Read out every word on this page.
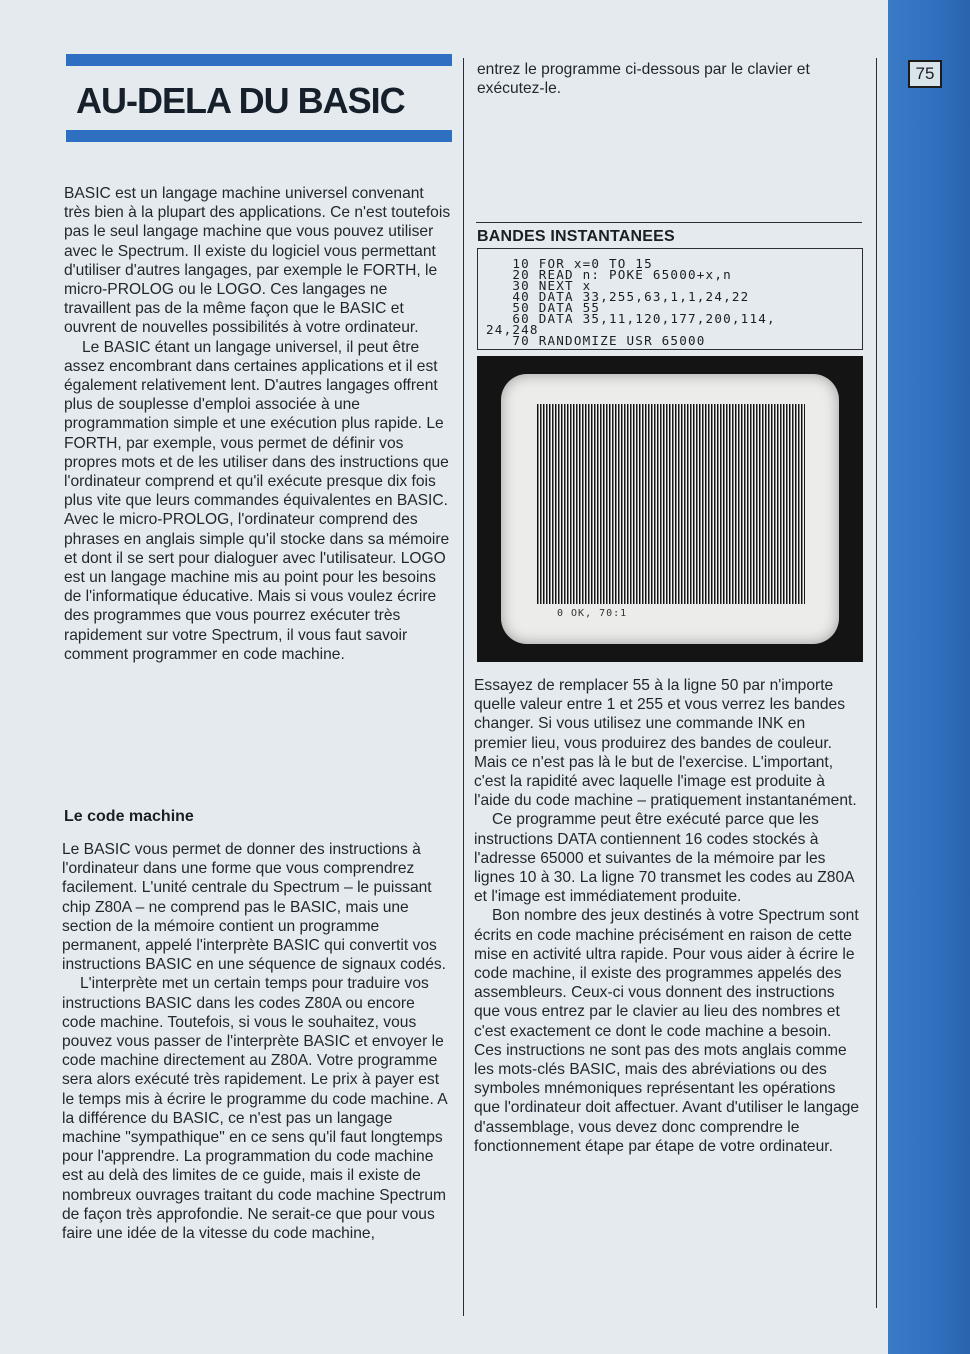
75
AU-DELA DU BASIC

BASIC est un langage machine universel convenant très bien à la plupart des applications. Ce n'est toutefois pas le seul langage machine que vous pouvez utiliser avec le Spectrum. Il existe du logiciel vous permettant d'utiliser d'autres langages, par exemple le FORTH, le micro-PROLOG ou le LOGO. Ces langages ne travaillent pas de la même façon que le BASIC et ouvrent de nouvelles possibilités à votre ordinateur.

Le BASIC étant un langage universel, il peut être assez encombrant dans certaines applications et il est également relativement lent. D'autres langages offrent plus de souplesse d'emploi associée à une programmation simple et une exécution plus rapide. Le FORTH, par exemple, vous permet de définir vos propres mots et de les utiliser dans des instructions que l'ordinateur comprend et qu'il exécute presque dix fois plus vite que leurs commandes équivalentes en BASIC. Avec le micro-PROLOG, l'ordinateur comprend des phrases en anglais simple qu'il stocke dans sa mémoire et dont il se sert pour dialoguer avec l'utilisateur. LOGO est un langage machine mis au point pour les besoins de l'informatique éducative. Mais si vous voulez écrire des programmes que vous pourrez exécuter très rapidement sur votre Spectrum, il vous faut savoir comment programmer en code machine.

Le code machine

Le BASIC vous permet de donner des instructions à l'ordinateur dans une forme que vous comprendrez facilement. L'unité centrale du Spectrum – le puissant chip Z80A – ne comprend pas le BASIC, mais une section de la mémoire contient un programme permanent, appelé l'interprète BASIC qui convertit vos instructions BASIC en une séquence de signaux codés.

L'interprète met un certain temps pour traduire vos instructions BASIC dans les codes Z80A ou encore code machine. Toutefois, si vous le souhaitez, vous pouvez vous passer de l'interprète BASIC et envoyer le code machine directement au Z80A. Votre programme sera alors exécuté très rapidement. Le prix à payer est le temps mis à écrire le programme du code machine. A la différence du BASIC, ce n'est pas un langage machine "sympathique" en ce sens qu'il faut longtemps pour l'apprendre. La programmation du code machine est au delà des limites de ce guide, mais il existe de nombreux ouvrages traitant du code machine Spectrum de façon très approfondie. Ne serait-ce que pour vous faire une idée de la vitesse du code machine,

entrez le programme ci-dessous par le clavier et exécutez-le.

BANDES INSTANTANEES

10 FOR x=0 TO 15

20 READ n: POKE 65000+x,n

30 NEXT x

40 DATA 33,255,63,1,1,24,22

50 DATA 55

60 DATA 35,11,120,177,200,114,

24,248

70 RANDOMIZE USR 65000

0 OK, 70:1

Essayez de remplacer 55 à la ligne 50 par n'importe quelle valeur entre 1 et 255 et vous verrez les bandes changer. Si vous utilisez une commande INK en premier lieu, vous produirez des bandes de couleur. Mais ce n'est pas là le but de l'exercise. L'important, c'est la rapidité avec laquelle l'image est produite à l'aide du code machine – pratiquement instantanément.

Ce programme peut être exécuté parce que les instructions DATA contiennent 16 codes stockés à l'adresse 65000 et suivantes de la mémoire par les lignes 10 à 30. La ligne 70 transmet les codes au Z80A et l'image est immédiatement produite.

Bon nombre des jeux destinés à votre Spectrum sont écrits en code machine précisément en raison de cette mise en activité ultra rapide. Pour vous aider à écrire le code machine, il existe des programmes appelés des assembleurs. Ceux-ci vous donnent des instructions que vous entrez par le clavier au lieu des nombres et c'est exactement ce dont le code machine a besoin. Ces instructions ne sont pas des mots anglais comme les mots-clés BASIC, mais des abréviations ou des symboles mnémoniques représentant les opérations que l'ordinateur doit affectuer. Avant d'utiliser le langage d'assemblage, vous devez donc comprendre le fonctionnement étape par étape de votre ordinateur.
